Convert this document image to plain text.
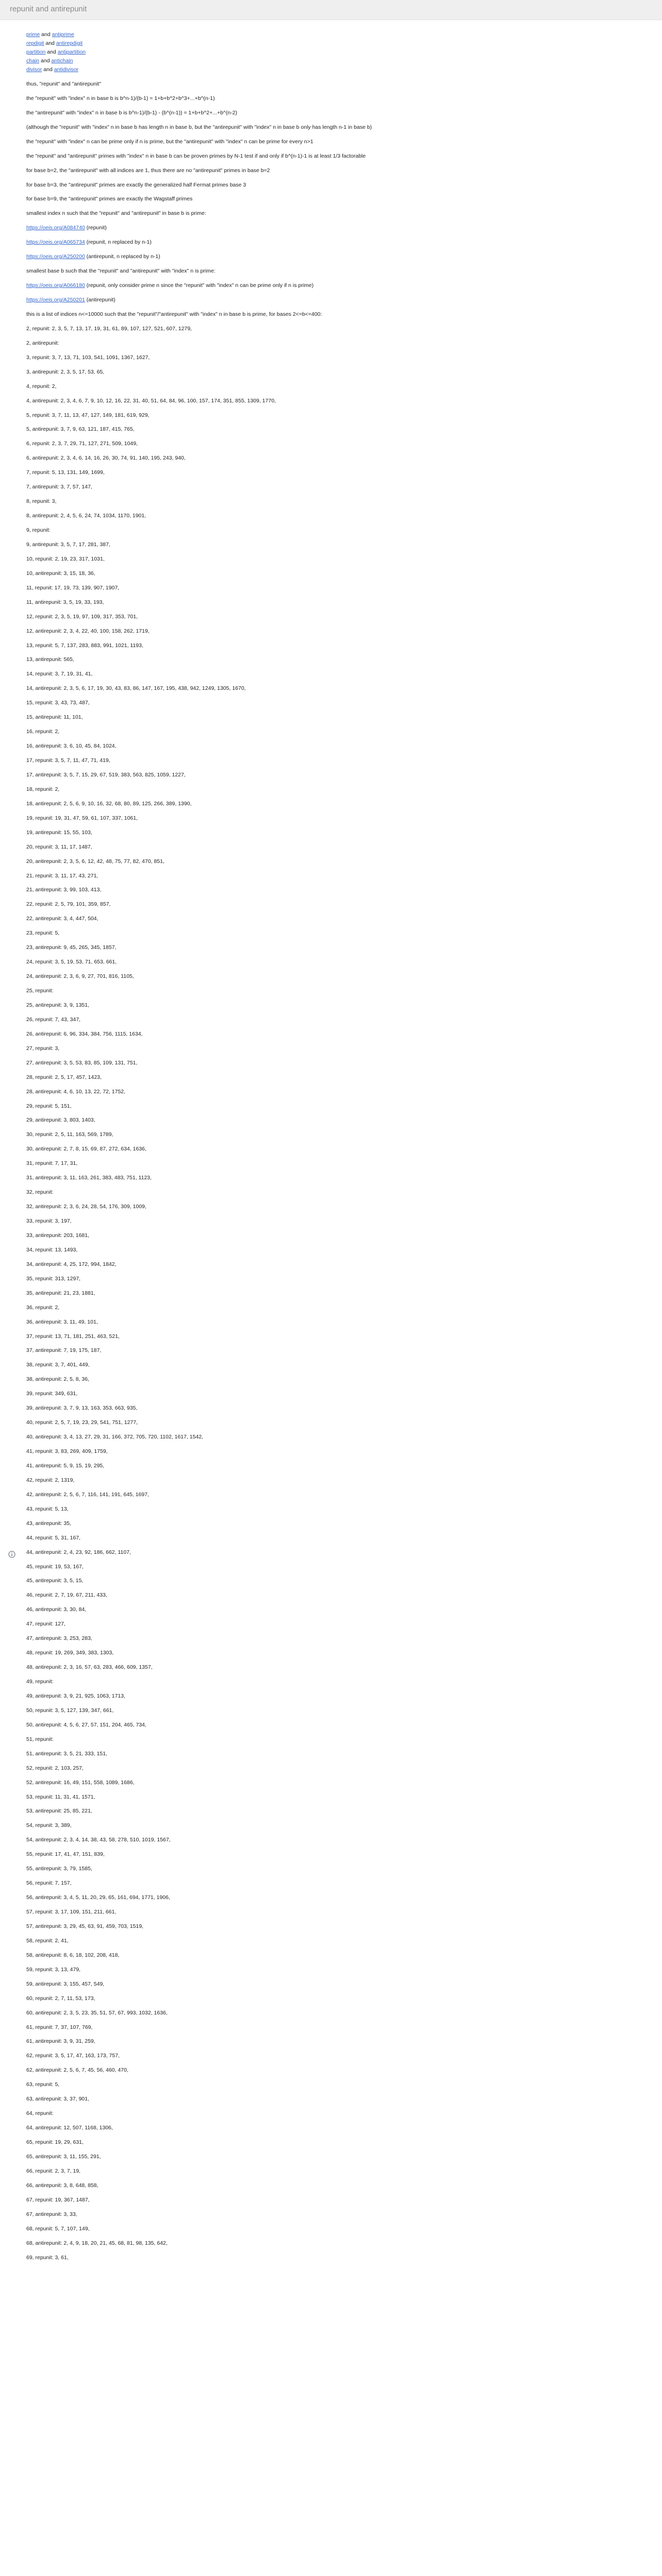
repunit and antirepunit

prime and antiprime

repdigit and antirepdigit

partition and antipartition

chain and antichain

divisor and antidivisor

thus, "repunit" and "antirepunit"

the "repunit" with "index" n in base b is b^n-1)/(b-1) = 1+b+b^2+b^3+...+b^(n-1)

the "antirepunit" with "index" n in base b is b^n-1)/(b-1) - (b^(n-1)) = 1+b+b^2+...+b^(n-2)

(although the "repunit" with "index" n in base b has length n in base b, but the "antirepunit" with "index" n in base b only has length n-1 in base b)

the "repunit" with "index" n can be prime only if n is prime, but the "antirepunit" with "index" n can be prime for every n>1

the "repunit" and "antirepunit" primes with "index" n in base b can be proven primes by N-1 test if and only if b^(n-1)-1 is at least 1/3 factorable

for base b=2, the "antirepunit" with all indices are 1, thus there are no "antirepunit" primes in base b=2

for base b=3, the "antirepunit" primes are exactly the generalized half Fermat primes base 3

for base b=9, the "antirepunit" primes are exactly the Wagstaff primes

smallest index n such that the "repunit" and "antirepunit" in base b is prime:

https://oeis.org/A084740 (repunit)

https://oeis.org/A065734 (repunit, n replaced by n-1)

https://oeis.org/A250200 (antirepunit, n replaced by n-1)

smallest base b such that the "repunit" and "antirepunit" with "index" n is prime:

https://oeis.org/A066180 (repunit, only consider prime n since the "repunit" with "index" n can be prime only if n is prime)

https://oeis.org/A250201 (antirepunit)

this is a list of indices n<=10000 such that the "repunit"/"antirepunit" with "index" n in base b is prime, for bases 2<=b<=400:

2, repunit: 2, 3, 5, 7, 13, 17, 19, 31, 61, 89, 107, 127, 521, 607, 1279,

2, antirepunit:

3, repunit: 3, 7, 13, 71, 103, 541, 1091, 1367, 1627,

3, antirepunit: 2, 3, 5, 17, 53, 65,

4, repunit: 2,

4, antirepunit: 2, 3, 4, 6, 7, 9, 10, 12, 16, 22, 31, 40, 51, 64, 84, 96, 100, 157, 174, 351, 855, 1309, 1770,

5, repunit: 3, 7, 11, 13, 47, 127, 149, 181, 619, 929,

5, antirepunit: 3, 7, 9, 63, 121, 187, 415, 765,

6, repunit: 2, 3, 7, 29, 71, 127, 271, 509, 1049,

6, antirepunit: 2, 3, 4, 6, 14, 16, 26, 30, 74, 91, 140, 195, 243, 940,

7, repunit: 5, 13, 131, 149, 1699,

7, antirepunit: 3, 7, 57, 147,

8, repunit: 3,

8, antirepunit: 2, 4, 5, 6, 24, 74, 1034, 1170, 1901,

9, repunit:

9, antirepunit: 3, 5, 7, 17, 281, 387,

10, repunit: 2, 19, 23, 317, 1031,

10, antirepunit: 3, 15, 18, 36,

11, repunit: 17, 19, 73, 139, 907, 1907,

11, antirepunit: 3, 5, 19, 33, 193,

12, repunit: 2, 3, 5, 19, 97, 109, 317, 353, 701,

12, antirepunit: 2, 3, 4, 22, 40, 100, 158, 262, 1719,

13, repunit: 5, 7, 137, 283, 883, 991, 1021, 1193,

13, antirepunit: 565,

14, repunit: 3, 7, 19, 31, 41,

14, antirepunit: 2, 3, 5, 6, 17, 19, 30, 43, 83, 86, 147, 167, 195, 438, 942, 1249, 1305, 1670,

15, repunit: 3, 43, 73, 487,

15, antirepunit: 11, 101,

16, repunit: 2,

16, antirepunit: 3, 6, 10, 45, 84, 1024,

17, repunit: 3, 5, 7, 11, 47, 71, 419,

17, antirepunit: 3, 5, 7, 15, 29, 67, 519, 383, 563, 825, 1059, 1227,

18, repunit: 2,

18, antirepunit: 2, 5, 6, 9, 10, 16, 32, 68, 80, 89, 125, 266, 389, 1390,

19, repunit: 19, 31, 47, 59, 61, 107, 337, 1061,

19, antirepunit: 15, 55, 103,

20, repunit: 3, 11, 17, 1487,

20, antirepunit: 2, 3, 5, 6, 12, 42, 48, 75, 77, 82, 470, 851,

21, repunit: 3, 11, 17, 43, 271,

21, antirepunit: 3, 99, 103, 413,

22, repunit: 2, 5, 79, 101, 359, 857,

22, antirepunit: 3, 4, 447, 504,

23, repunit: 5,

23, antirepunit: 9, 45, 265, 345, 1857,

24, repunit: 3, 5, 19, 53, 71, 653, 661,

24, antirepunit: 2, 3, 6, 9, 27, 701, 816, 1105,

25, repunit:

25, antirepunit: 3, 9, 1351,

26, repunit: 7, 43, 347,

26, antirepunit: 6, 96, 334, 384, 756, 1115, 1634,

27, repunit: 3,

27, antirepunit: 3, 5, 53, 83, 85, 109, 131, 751,

28, repunit: 2, 5, 17, 457, 1423,

28, antirepunit: 4, 6, 10, 13, 22, 72, 1752,

29, repunit: 5, 151,

29, antirepunit: 3, 803, 1403,

30, repunit: 2, 5, 11, 163, 569, 1789,

30, antirepunit: 2, 7, 8, 15, 69, 87, 272, 634, 1636,

31, repunit: 7, 17, 31,

31, antirepunit: 3, 11, 163, 261, 383, 483, 751, 1123,

32, repunit:

32, antirepunit: 2, 3, 6, 24, 28, 54, 176, 309, 1009,

33, repunit: 3, 197,

33, antirepunit: 203, 1681,

34, repunit: 13, 1493,

34, antirepunit: 4, 25, 172, 994, 1842,

35, repunit: 313, 1297,

35, antirepunit: 21, 23, 1881,

36, repunit: 2,

36, antirepunit: 3, 11, 49, 101,

37, repunit: 13, 71, 181, 251, 463, 521,

37, antirepunit: 7, 19, 175, 187,

38, repunit: 3, 7, 401, 449,

38, antirepunit: 2, 5, 8, 36,

39, repunit: 349, 631,

39, antirepunit: 3, 7, 9, 13, 163, 353, 663, 935,

40, repunit: 2, 5, 7, 19, 23, 29, 541, 751, 1277,

40, antirepunit: 3, 4, 13, 27, 29, 31, 166, 372, 705, 720, 1102, 1617, 1542,

41, repunit: 3, 83, 269, 409, 1759,

41, antirepunit: 5, 9, 15, 19, 295,

42, repunit: 2, 1319,

42, antirepunit: 2, 5, 6, 7, 116, 141, 191, 645, 1697,

43, repunit: 5, 13,

43, antirepunit: 35,

44, repunit: 5, 31, 167,

44, antirepunit: 2, 4, 23, 92, 186, 662, 1107,

45, repunit: 19, 53, 167,

45, antirepunit: 3, 5, 15,

46, repunit: 2, 7, 19, 67, 211, 433,

46, antirepunit: 3, 30, 84,

47, repunit: 127,

47, antirepunit: 3, 253, 283,

48, repunit: 19, 269, 349, 383, 1303,

48, antirepunit: 2, 3, 16, 57, 63, 283, 466, 609, 1357,

49, repunit:

49, antirepunit: 3, 9, 21, 925, 1063, 1713,

50, repunit: 3, 5, 127, 139, 347, 661,

50, antirepunit: 4, 5, 6, 27, 57, 151, 204, 465, 734,

51, repunit:

51, antirepunit: 3, 5, 21, 333, 151,

52, repunit: 2, 103, 257,

52, antirepunit: 16, 49, 151, 558, 1089, 1686,

53, repunit: 11, 31, 41, 1571,

53, antirepunit: 25, 85, 221,

54, repunit: 3, 389,

54, antirepunit: 2, 3, 4, 14, 38, 43, 58, 278, 510, 1019, 1567,

55, repunit: 17, 41, 47, 151, 839,

55, antirepunit: 3, 79, 1585,

56, repunit: 7, 157,

56, antirepunit: 3, 4, 5, 11, 20, 29, 65, 161, 694, 1771, 1906,

57, repunit: 3, 17, 109, 151, 211, 661,

57, antirepunit: 3, 29, 45, 63, 91, 459, 703, 1519,

58, repunit: 2, 41,

58, antirepunit: 8, 6, 18, 102, 208, 418,

59, repunit: 3, 13, 479,

59, antirepunit: 3, 155, 457, 549,

60, repunit: 2, 7, 11, 53, 173,

60, antirepunit: 2, 3, 5, 23, 35, 51, 57, 67, 993, 1032, 1636,

61, repunit: 7, 37, 107, 769,

61, antirepunit: 3, 9, 31, 259,

62, repunit: 3, 5, 17, 47, 163, 173, 757,

62, antirepunit: 2, 5, 6, 7, 45, 56, 460, 470,

63, repunit: 5,

63, antirepunit: 3, 37, 901,

64, repunit:

64, antirepunit: 12, 507, 1168, 1306,

65, repunit: 19, 29, 631,

65, antirepunit: 3, 11, 155, 291,

66, repunit: 2, 3, 7, 19,

66, antirepunit: 3, 8, 648, 858,

67, repunit: 19, 367, 1487,

67, antirepunit: 3, 33,

68, repunit: 5, 7, 107, 149,

68, antirepunit: 2, 4, 9, 18, 20, 21, 45, 68, 81, 98, 135, 642,

69, repunit: 3, 61,
